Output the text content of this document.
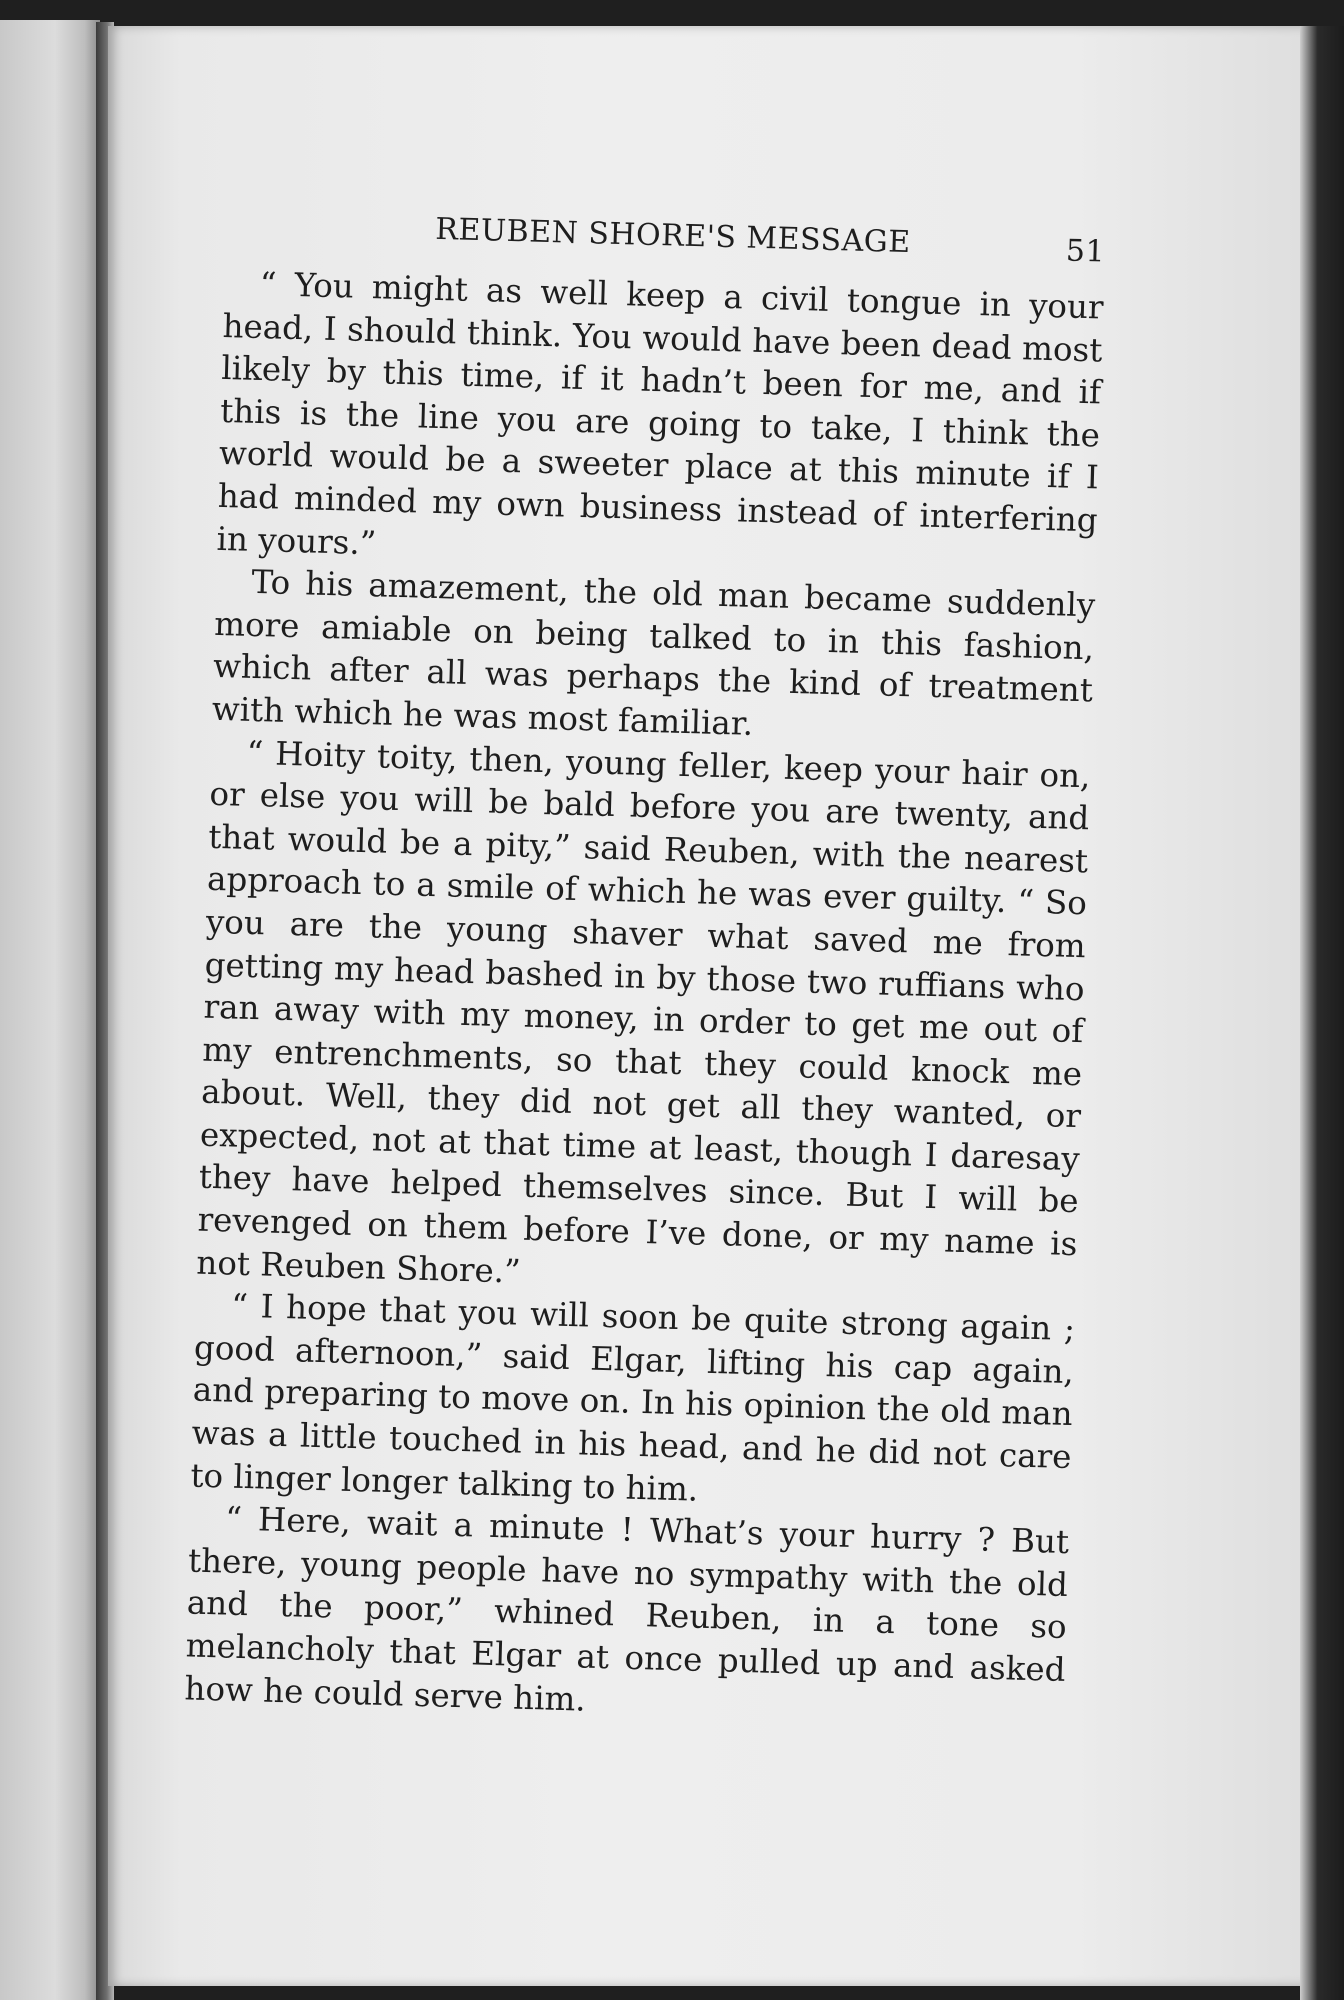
REUBEN SHORE'S MESSAGE	51

“ You might as well keep a civil tongue in your head, I should think. You would have been dead most likely by this time, if it hadn’t been for me, and if this is the line you are going to take, I think the world would be a sweeter place at this minute if I had minded my own business instead of interfering in yours.”

To his amazement, the old man became suddenly more amiable on being talked to in this fashion, which after all was perhaps the kind of treatment with which he was most familiar.

“ Hoity toity, then, young feller, keep your hair on, or else you will be bald before you are twenty, and that would be a pity,” said Reuben, with the nearest approach to a smile of which he was ever guilty. “ So you are the young shaver what saved me from getting my head bashed in by those two ruffians who ran away with my money, in order to get me out of my entrenchments, so that they could knock me about. Well, they did not get all they wanted, or expected, not at that time at least, though I daresay they have helped themselves since. But I will be revenged on them before I’ve done, or my name is not Reuben Shore.”

“ I hope that you will soon be quite strong again ; good afternoon,” said Elgar, lifting his cap again, and preparing to move on. In his opinion the old man was a little touched in his head, and he did not care to linger longer talking to him.

“ Here, wait a minute ! What’s your hurry ? But there, young people have no sympathy with the old and the poor,” whined Reuben, in a tone so melancholy that Elgar at once pulled up and asked how he could serve him.
